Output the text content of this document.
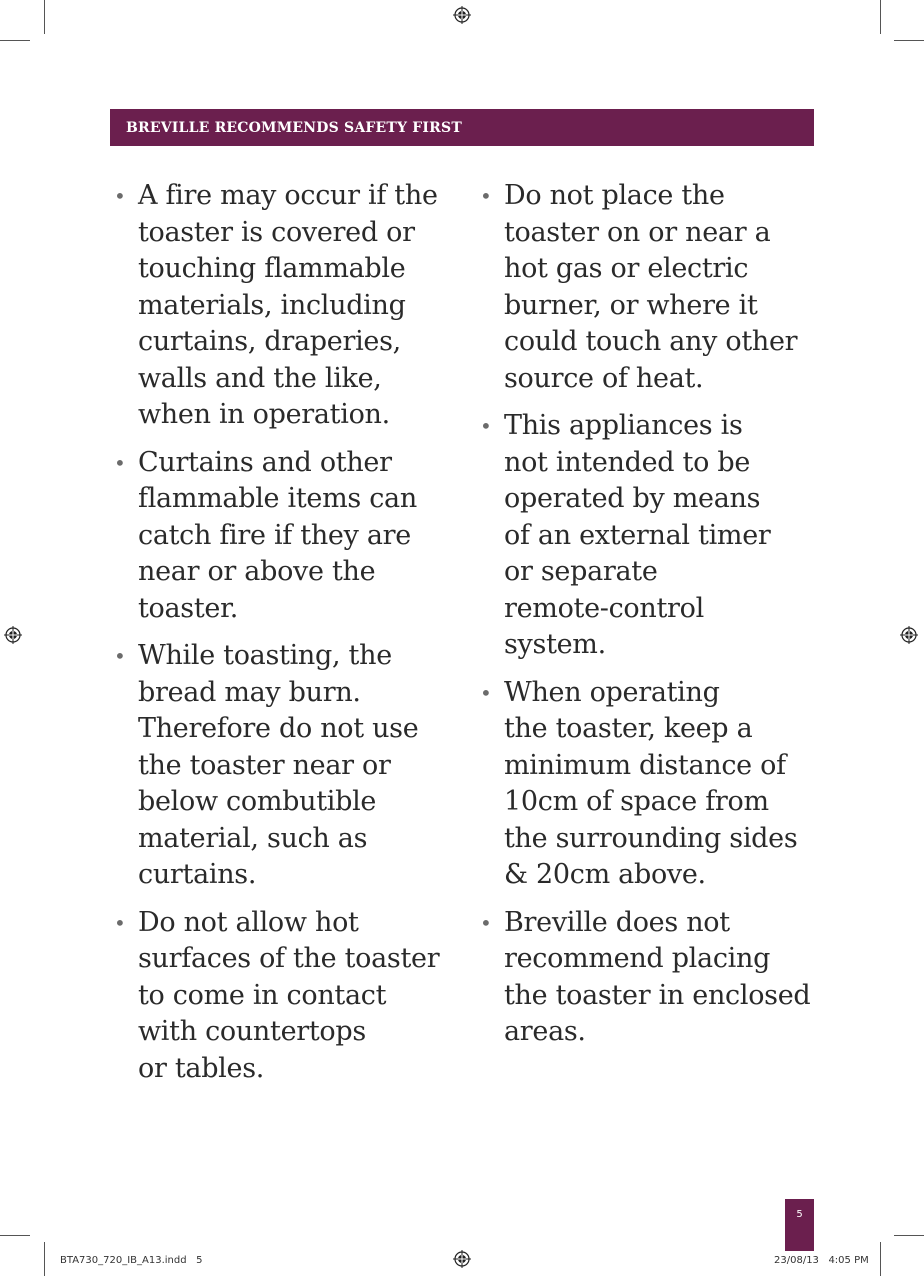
BREVILLE RECOMMENDS SAFETY FIRST
• A fire may occur if the
toaster is covered or
touching flammable
materials, including
curtains, draperies,
walls and the like,
when in operation.
• Curtains and other
flammable items can
catch fire if they are
near or above the
toaster.
• While toasting, the
bread may burn.
Therefore do not use
the toaster near or
below combutible
material, such as
curtains.
• Do not allow hot
surfaces of the toaster
to come in contact
with countertops
or tables.
• Do not place the
toaster on or near a
hot gas or electric
burner, or where it
could touch any other
source of heat.
• This appliances is
not intended to be
operated by means
of an external timer
or separate
remote-control
system.
• When operating
the toaster, keep a
minimum distance of
10cm of space from
the surrounding sides
& 20cm above.
• Breville does not
recommend placing
the toaster in enclosed
areas.
5
BTA730_720_IB_A13.indd   5	23/08/13   4:05 PM
